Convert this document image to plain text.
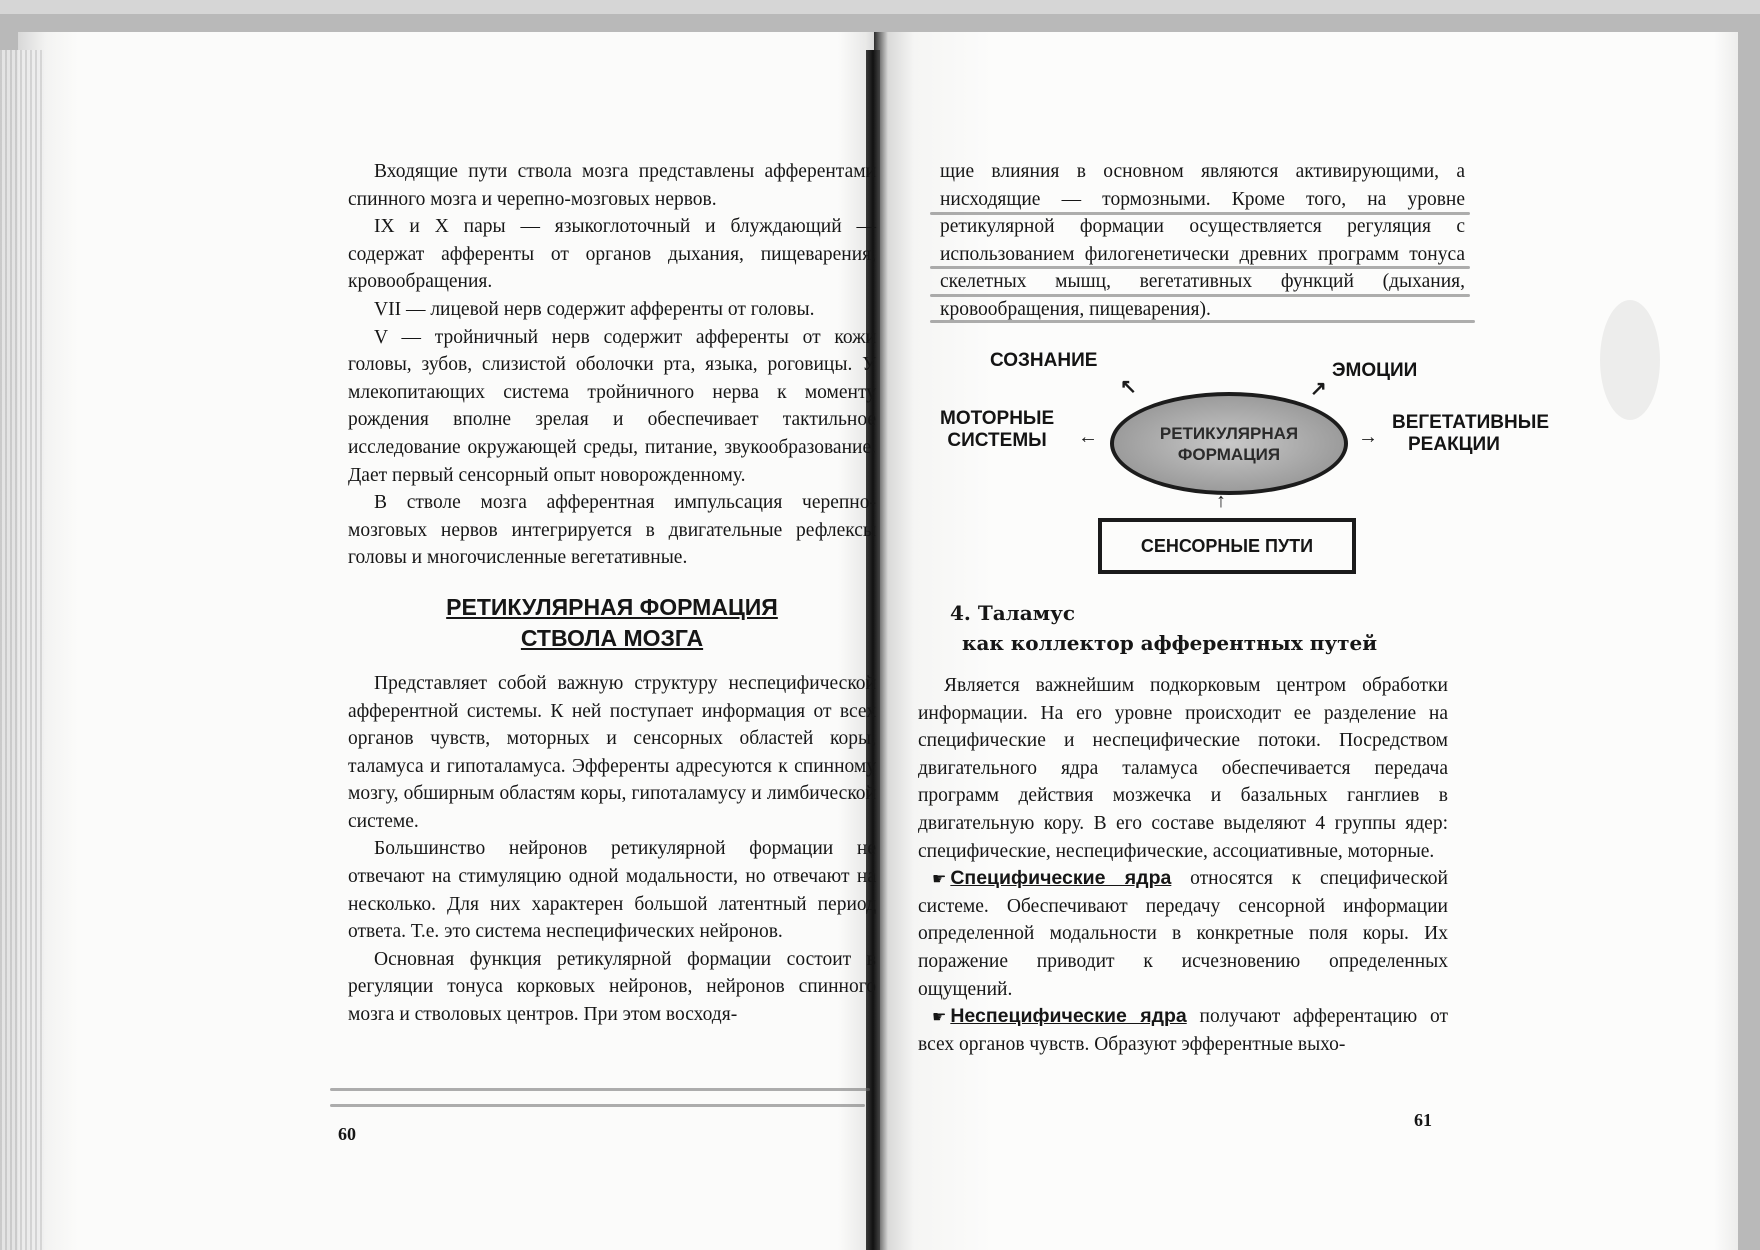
Входящие пути ствола мозга представлены афферентами спинного мозга и черепно-мозговых нервов.

IX и X пары — языкоглоточный и блуждающий — содержат афференты от органов дыхания, пищеварения, кровообращения.

VII — лицевой нерв содержит афференты от головы.

V — тройничный нерв содержит афференты от кожи головы, зубов, слизистой оболочки рта, языка, роговицы. У млекопитающих система тройничного нерва к моменту рождения вполне зрелая и обеспечивает тактильное исследование окружающей среды, питание, звукообразование. Дает первый сенсорный опыт новорожденному.

В стволе мозга афферентная импульсация черепно-мозговых нервов интегрируется в двигательные рефлексы головы и многочисленные вегетативные.

РЕТИКУЛЯРНАЯ ФОРМАЦИЯ
СТВОЛА МОЗГА

Представляет собой важную структуру неспецифической афферентной системы. К ней поступает информация от всех органов чувств, моторных и сенсорных областей коры, таламуса и гипоталамуса. Эфференты адресуются к спинному мозгу, обширным областям коры, гипоталамусу и лимбической системе.

Большинство нейронов ретикулярной формации не отвечают на стимуляцию одной модальности, но отвечают на несколько. Для них характерен большой латентный период ответа. Т.е. это система неспецифических нейронов.

Основная функция ретикулярной формации состоит в регуляции тонуса корковых нейронов, нейронов спинного мозга и стволовых центров. При этом восходя-

60

щие влияния в основном являются активирующими, а нисходящие — тормозными. Кроме того, на уровне ретикулярной формации осуществляется регуляция с использованием филогенетически древних программ тонуса скелетных мышц, вегетативных функций (дыхания, кровообращения, пищеварения).

СОЗНАНИЕ
↖
ЭМОЦИИ
↗
МОТОРНЫЕ
СИСТЕМЫ	←	РЕТИКУЛЯРНАЯ
ФОРМАЦИЯ
→
ВЕГЕТАТИВНЫЕ
РЕАКЦИИ
↑
СЕНСОРНЫЕ ПУТИ
4. Таламус
как коллектор афферентных путей

Является важнейшим подкорковым центром обработки информации. На его уровне происходит ее разделение на специфические и неспецифические потоки. Посредством двигательного ядра таламуса обеспечивается передача программ действия мозжечка и базальных ганглиев в двигательную кору. В его составе выделяют 4 группы ядер: специфические, неспецифические, ассоциативные, моторные.

☛ Специфические ядра относятся к специфической системе. Обеспечивают передачу сенсорной информации определенной модальности в конкретные поля коры. Их поражение приводит к исчезновению определенных ощущений.

☛ Неспецифические ядра получают афферентацию от всех органов чувств. Образуют эфферентные выхо-

61
